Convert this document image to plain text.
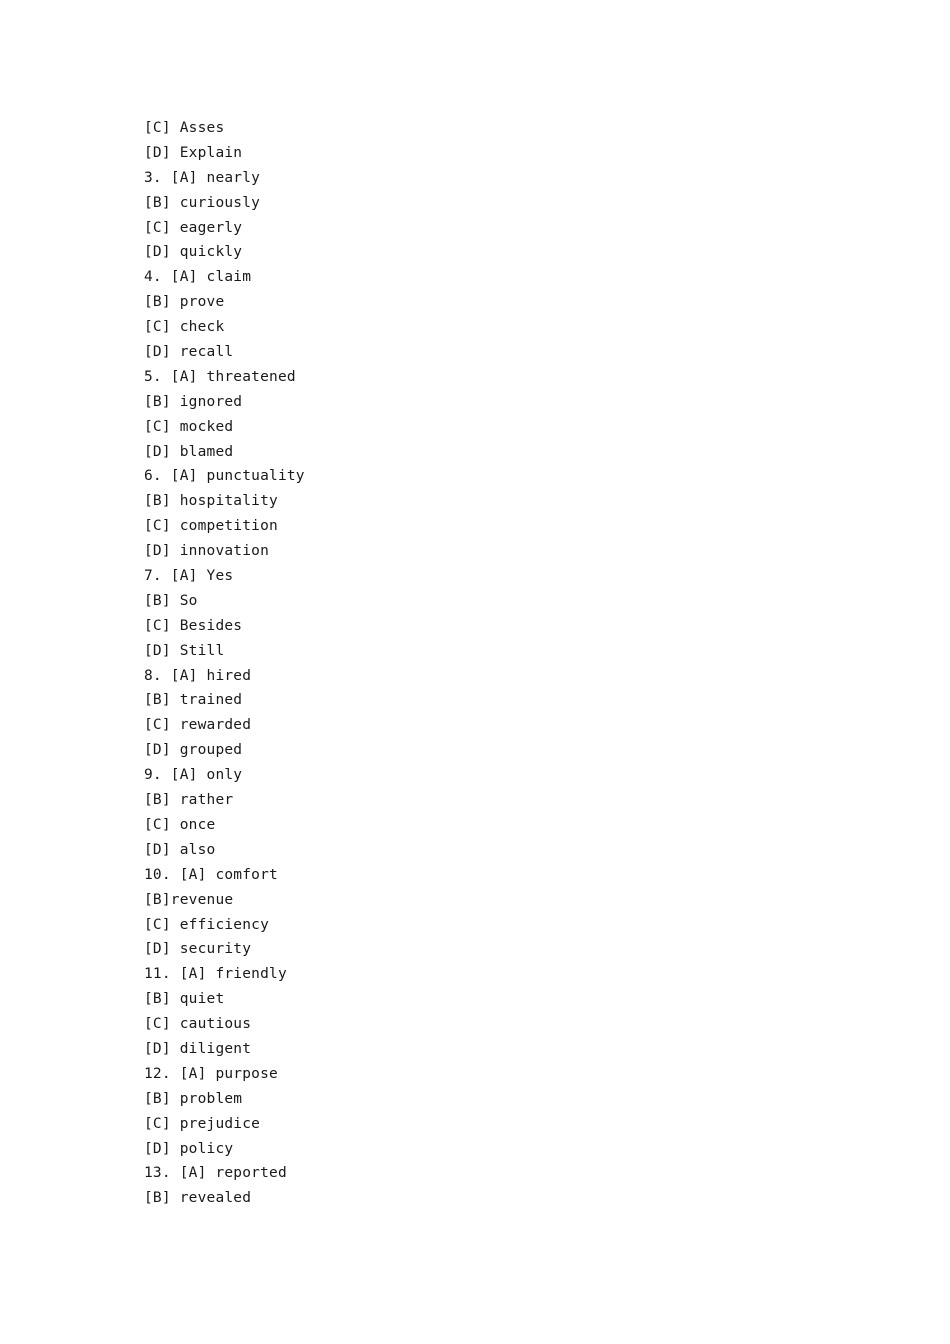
[C] Asses
[D] Explain
3. [A] nearly
[B] curiously
[C] eagerly
[D] quickly
4. [A] claim
[B] prove
[C] check
[D] recall
5. [A] threatened
[B] ignored
[C] mocked
[D] blamed
6. [A] punctuality
[B] hospitality
[C] competition
[D] innovation
7. [A] Yes
[B] So
[C] Besides
[D] Still
8. [A] hired
[B] trained
[C] rewarded
[D] grouped
9. [A] only
[B] rather
[C] once
[D] also
10. [A] comfort
[B]revenue
[C] efficiency
[D] security
11. [A] friendly
[B] quiet
[C] cautious
[D] diligent
12. [A] purpose
[B] problem
[C] prejudice
[D] policy
13. [A] reported
[B] revealed
